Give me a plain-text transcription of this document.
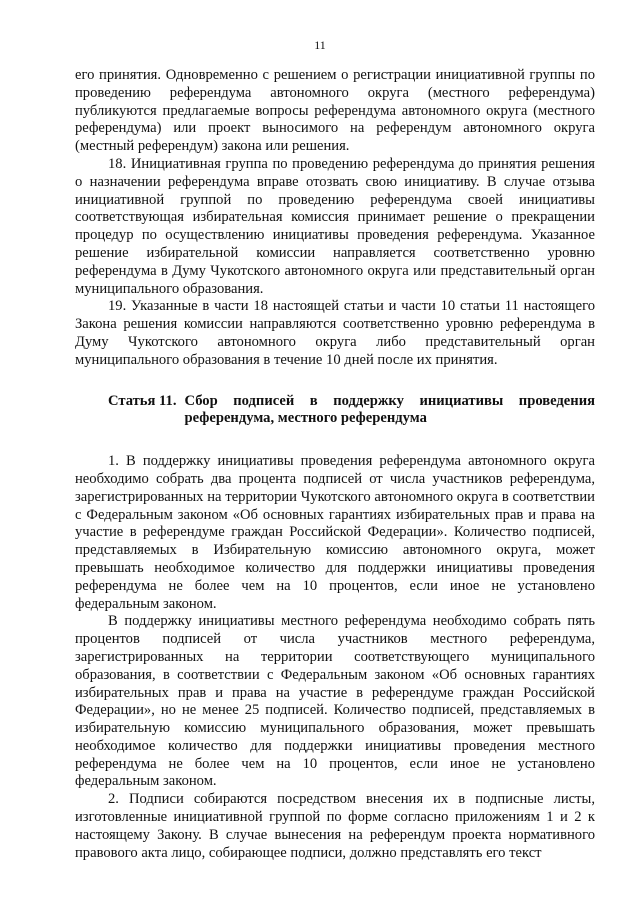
11

его принятия. Одновременно с решением о регистрации инициативной группы по проведению референдума автономного округа (местного референдума) публикуются предлагаемые вопросы референдума автономного округа (местного референдума) или проект выносимого на референдум автономного округа (местный референдум) закона или решения.

18. Инициативная группа по проведению референдума до принятия решения о назначении референдума вправе отозвать свою инициативу. В случае отзыва инициативной группой по проведению референдума своей инициативы соответствующая избирательная комиссия принимает решение о прекращении процедур по осуществлению инициативы проведения референдума. Указанное решение избирательной комиссии направляется соответственно уровню референдума в Думу Чукотского автономного округа или представительный орган муниципального образования.

19. Указанные в части 18 настоящей статьи и части 10 статьи 11 настоящего Закона решения комиссии направляются соответственно уровню референдума в Думу Чукотского автономного округа либо представительный орган муниципального образования в течение 10 дней после их принятия.

Статья 11. Сбор подписей в поддержку инициативы проведения референдума, местного референдума

1. В поддержку инициативы проведения референдума автономного округа необходимо собрать два процента подписей от числа участников референдума, зарегистрированных на территории Чукотского автономного округа в соответствии с Федеральным законом «Об основных гарантиях избирательных прав и права на участие в референдуме граждан Российской Федерации». Количество подписей, представляемых в Избирательную комиссию автономного округа, может превышать необходимое количество для поддержки инициативы проведения референдума не более чем на 10 процентов, если иное не установлено федеральным законом.

В поддержку инициативы местного референдума необходимо собрать пять процентов подписей от числа участников местного референдума, зарегистрированных на территории соответствующего муниципального образования, в соответствии с Федеральным законом «Об основных гарантиях избирательных прав и права на участие в референдуме граждан Российской Федерации», но не менее 25 подписей. Количество подписей, представляемых в избирательную комиссию муниципального образования, может превышать необходимое количество для поддержки инициативы проведения местного референдума не более чем на 10 процентов, если иное не установлено федеральным законом.

2. Подписи собираются посредством внесения их в подписные листы, изготовленные инициативной группой по форме согласно приложениям 1 и 2 к настоящему Закону. В случае вынесения на референдум проекта нормативного правового акта лицо, собирающее подписи, должно представлять его текст
